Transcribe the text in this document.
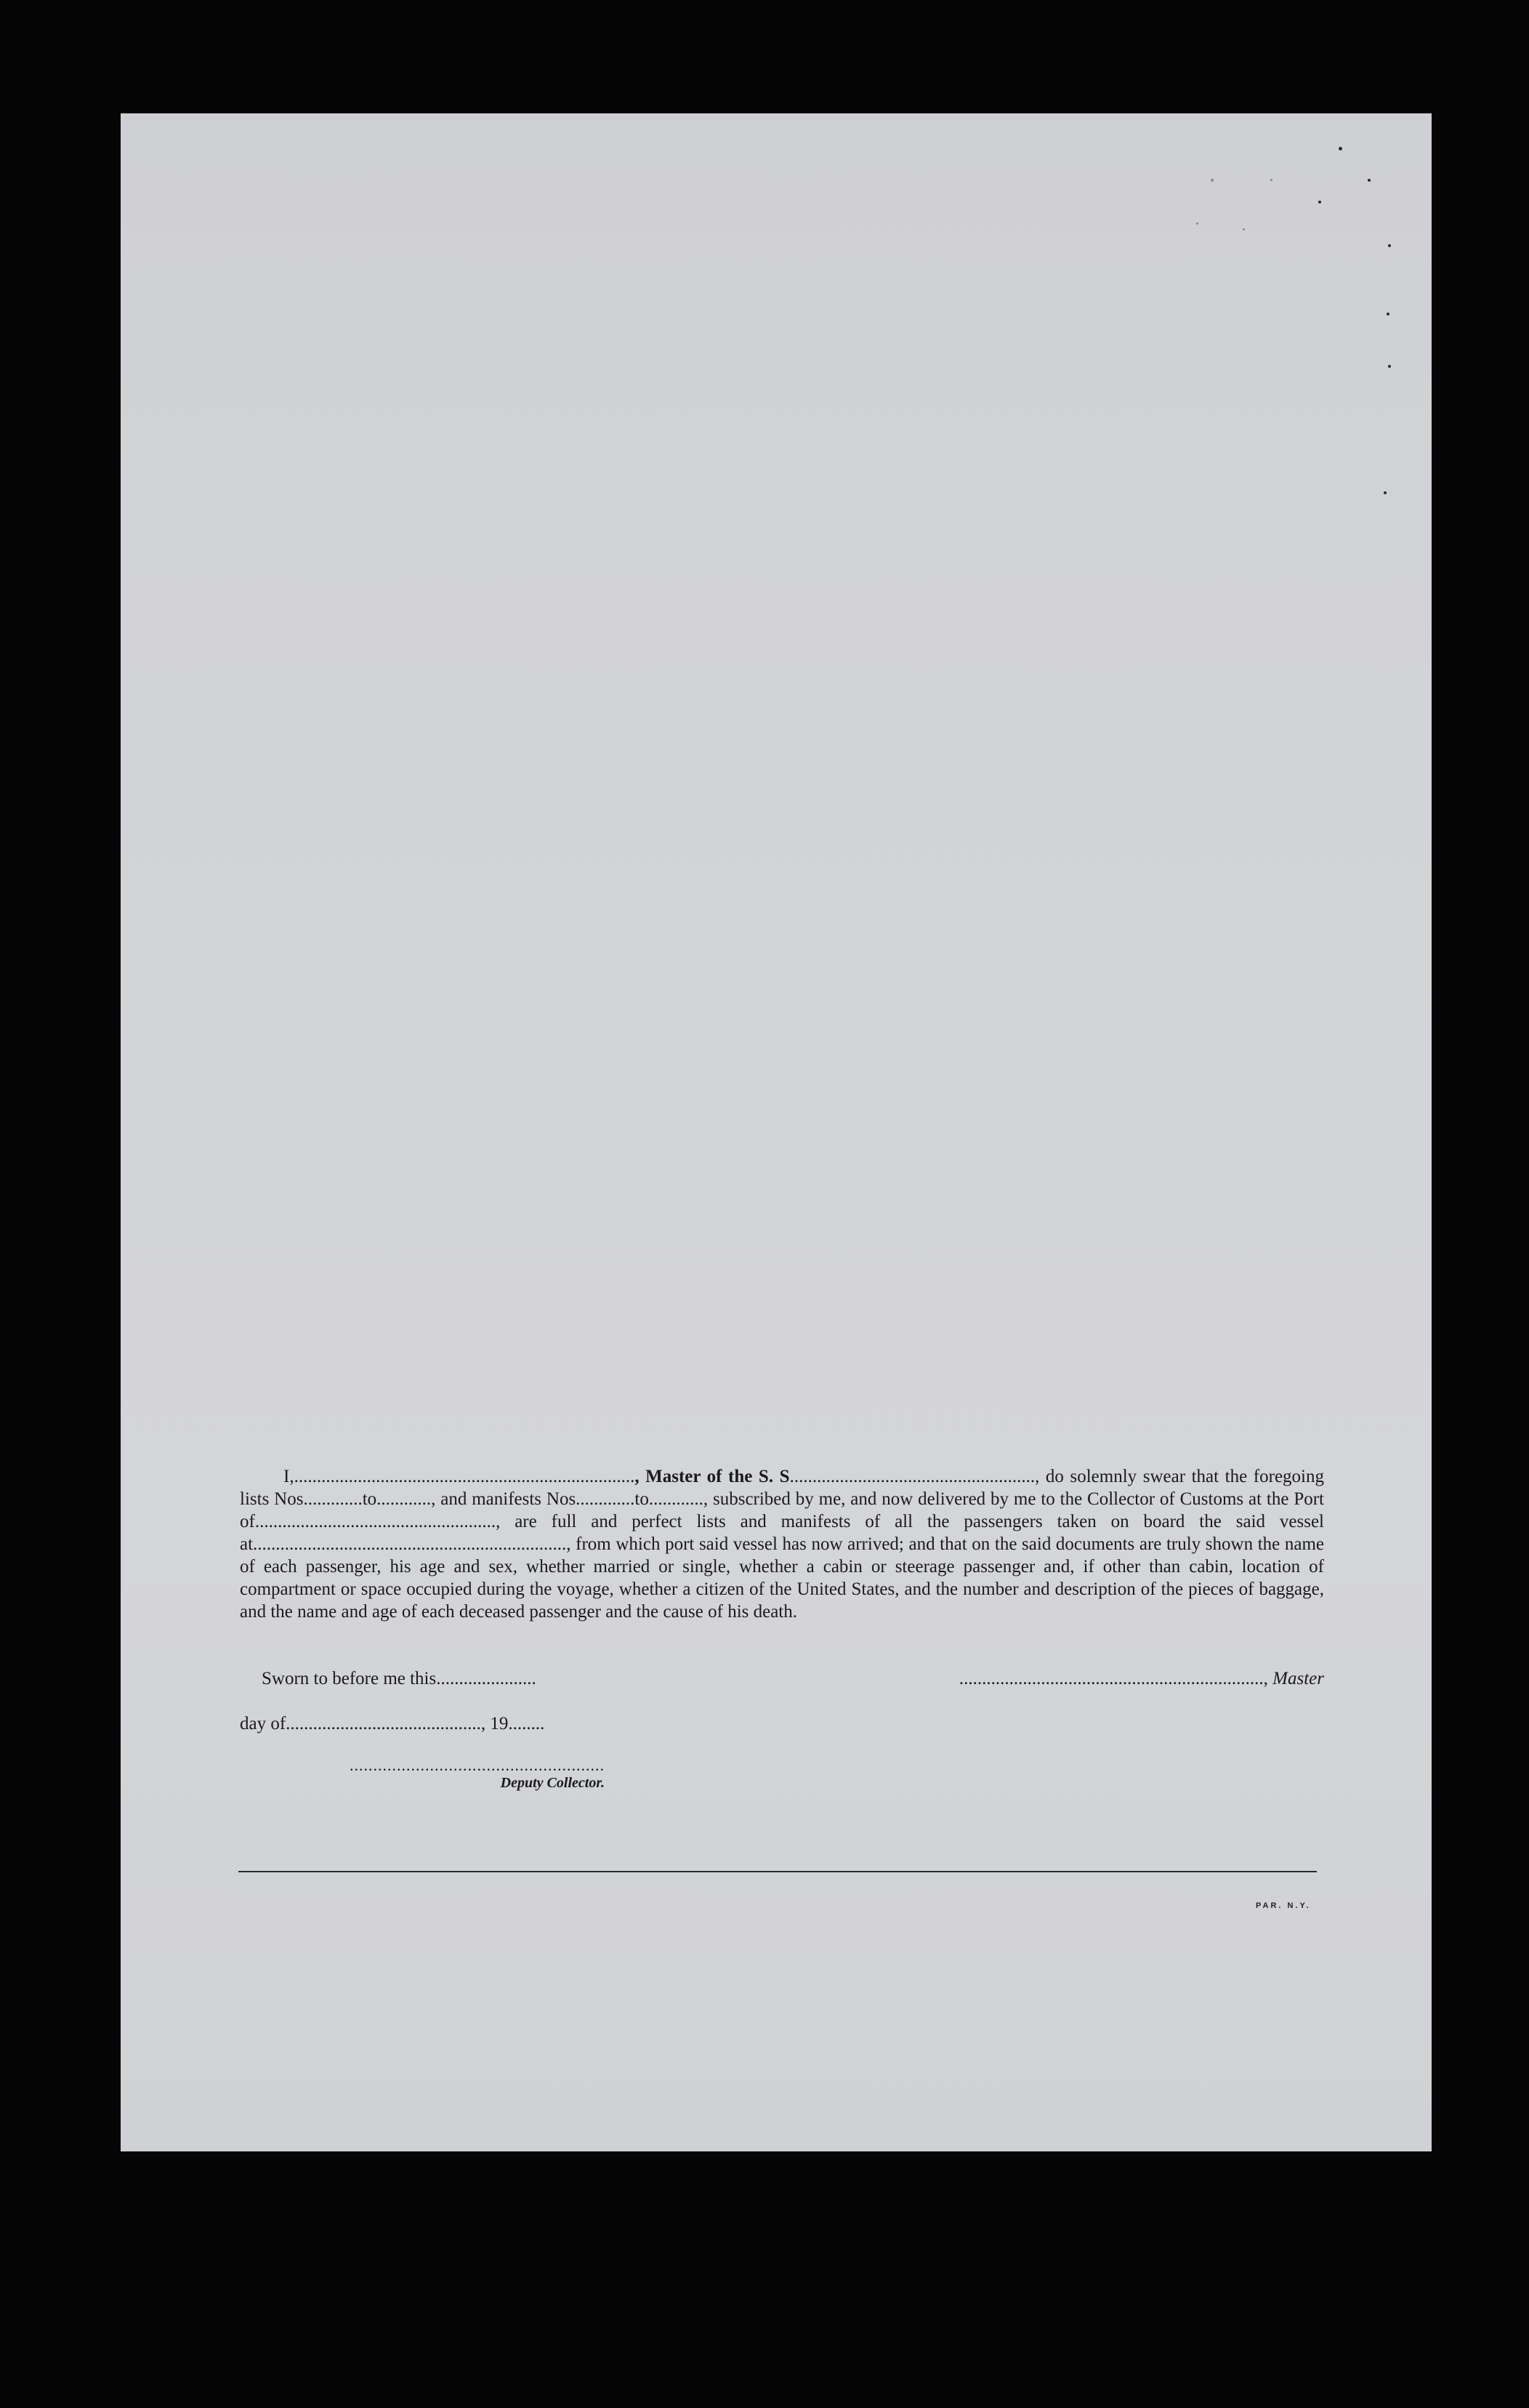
I,..........................................................................., Master of the S. S......................................................, do solemnly swear that the foregoing lists Nos.............to............, and manifests Nos.............to............, subscribed by me, and now delivered by me to the Collector of Customs at the Port of....................................................., are full and perfect lists and manifests of all the passengers taken on board the said vessel at....................................................................., from which port said vessel has now arrived; and that on the said documents are truly shown the name of each passenger, his age and sex, whether married or single, whether a cabin or steerage passenger and, if other than cabin, location of compartment or space occupied during the voyage, whether a citizen of the United States, and the number and description of the pieces of baggage, and the name and age of each deceased passenger and the cause of his death.
Sworn to before me this......................	..................................................................., Master
day of..........................................., 19........
......................................................
Deputy Collector.
PAR. N.Y.
